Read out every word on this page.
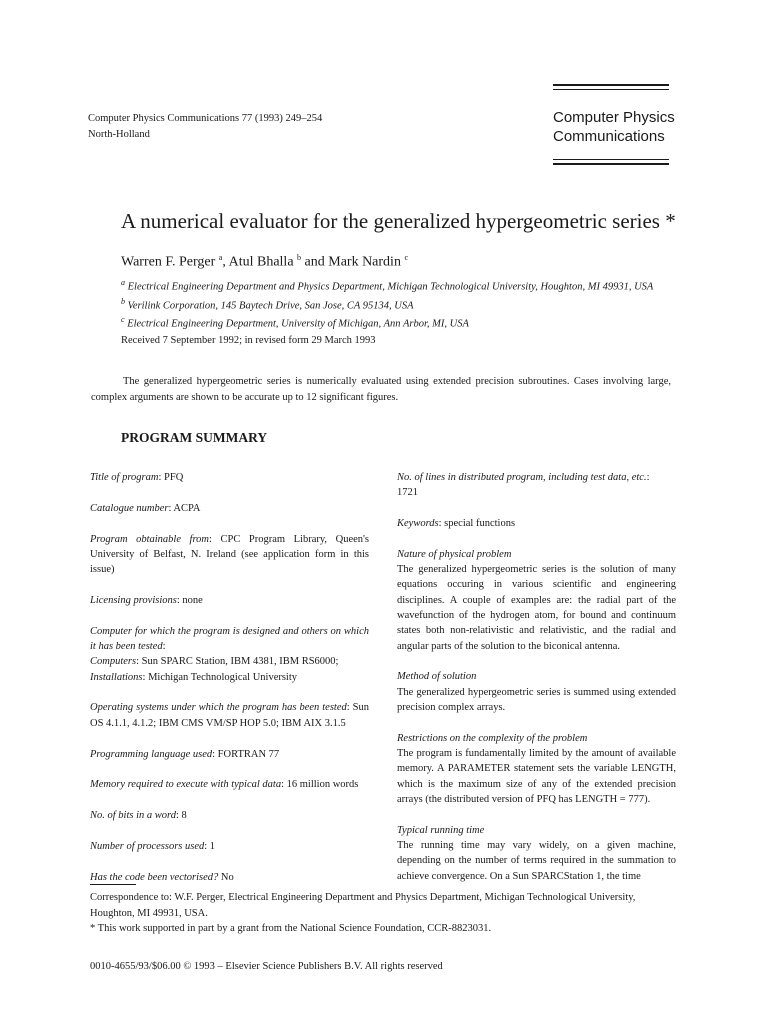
Computer Physics Communications 77 (1993) 249–254
North-Holland
Computer Physics
Communications
A numerical evaluator for the generalized hypergeometric series *
Warren F. Perger $^a$, Atul Bhalla $^b$ and Mark Nardin $^c$
$^a$ Electrical Engineering Department and Physics Department, Michigan Technological University, Houghton, MI 49931, USA
$^b$ Verilink Corporation, 145 Baytech Drive, San Jose, CA 95134, USA
$^c$ Electrical Engineering Department, University of Michigan, Ann Arbor, MI, USA
Received 7 September 1992; in revised form 29 March 1993
The generalized hypergeometric series is numerically evaluated using extended precision subroutines. Cases involving large, complex arguments are shown to be accurate up to 12 significant figures.
PROGRAM SUMMARY

Title of program: PFQ

Catalogue number: ACPA

Program obtainable from: CPC Program Library, Queen's University of Belfast, N. Ireland (see application form in this issue)

Licensing provisions: none

Computer for which the program is designed and others on which it has been tested:

Computers: Sun SPARC Station, IBM 4381, IBM RS6000;

Installations: Michigan Technological University

Operating systems under which the program has been tested: Sun OS 4.1.1, 4.1.2; IBM CMS VM/SP HOP 5.0; IBM AIX 3.1.5

Programming language used: FORTRAN 77

Memory required to execute with typical data: 16 million words

No. of bits in a word: 8

Number of processors used: 1

Has the code been vectorised? No

No. of lines in distributed program, including test data, etc.:
1721

Keywords: special functions

Nature of physical problem
The generalized hypergeometric series is the solution of many equations occuring in various scientific and engineering disciplines. A couple of examples are: the radial part of the wavefunction of the hydrogen atom, for bound and continuum states both non-relativistic and relativistic, and the radial and angular parts of the solution to the biconical antenna.

Method of solution
The generalized hypergeometric series is summed using extended precision complex arrays.

Restrictions on the complexity of the problem
The program is fundamentally limited by the amount of available memory. A PARAMETER statement sets the variable LENGTH, which is the maximum size of any of the extended precision arrays (the distributed version of PFQ has LENGTH = 777).

Typical running time
The running time may vary widely, on a given machine, depending on the number of terms required in the summation to achieve convergence. On a Sun SPARCStation 1, the time

Correspondence to: W.F. Perger, Electrical Engineering Department and Physics Department, Michigan Technological University, Houghton, MI 49931, USA.

* This work supported in part by a grant from the National Science Foundation, CCR-8823031.

0010-4655/93/$06.00 © 1993 – Elsevier Science Publishers B.V. All rights reserved
